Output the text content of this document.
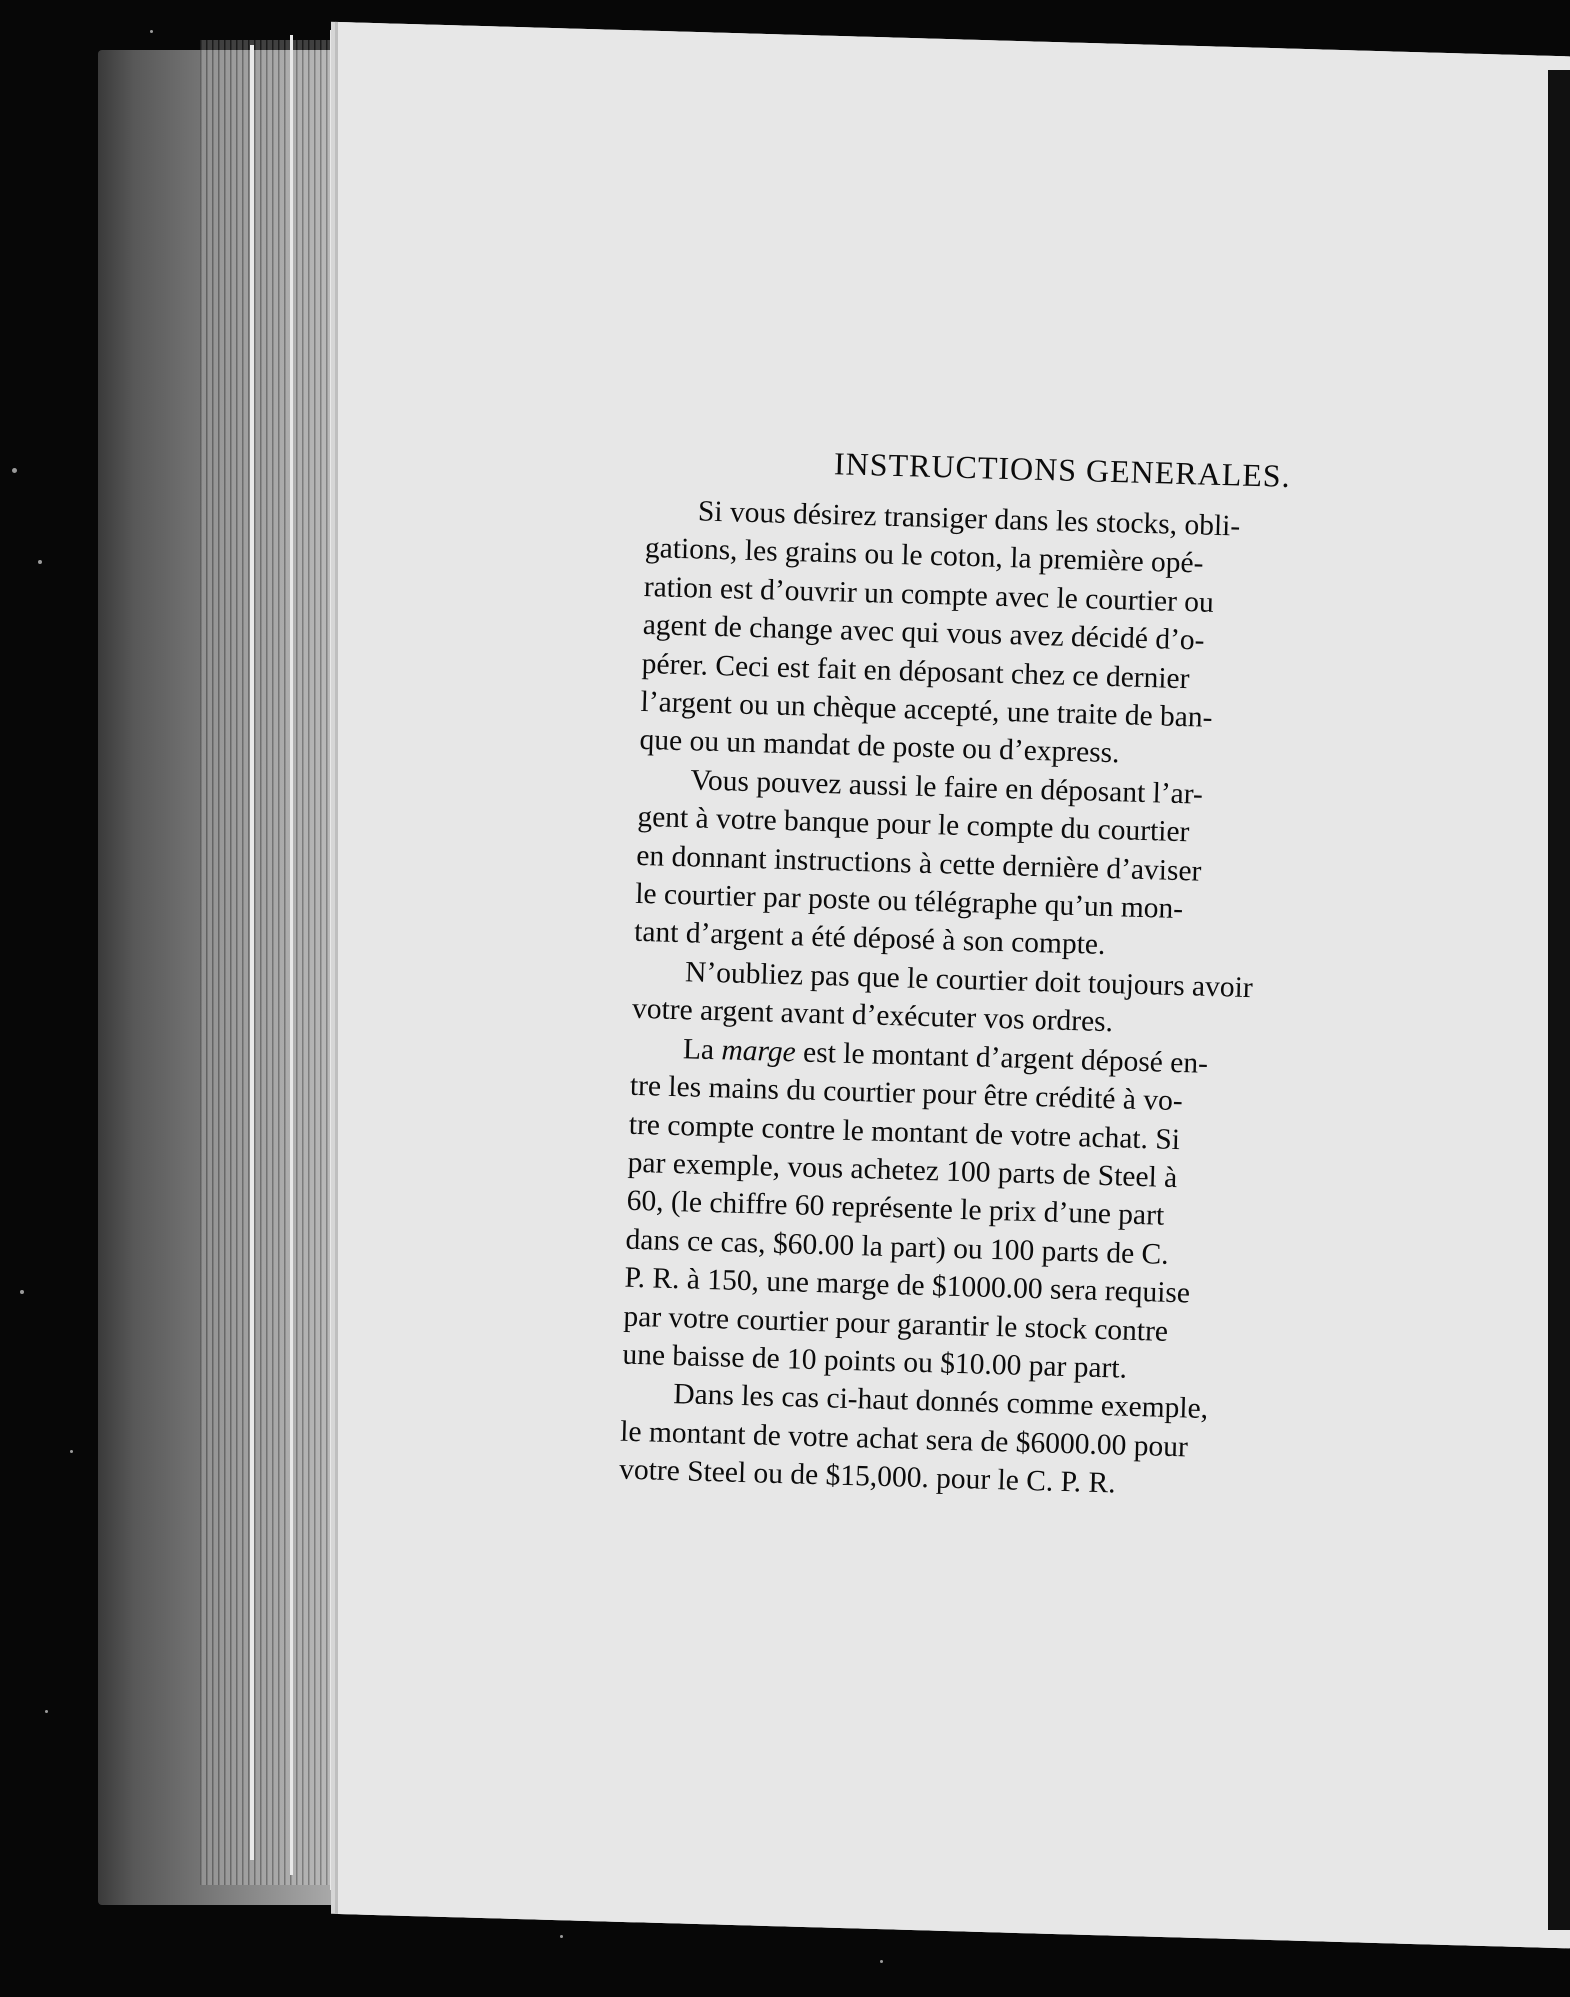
INSTRUCTIONS GENERALES.
Si vous désirez transiger dans les stocks, obli-
gations, les grains ou le coton, la première opé-
ration est d’ouvrir un compte avec le courtier ou
agent de change avec qui vous avez décidé d’o-
pérer. Ceci est fait en déposant chez ce dernier
l’argent ou un chèque accepté, une traite de ban-
que ou un mandat de poste ou d’express.
Vous pouvez aussi le faire en déposant l’ar-
gent à votre banque pour le compte du courtier
en donnant instructions à cette dernière d’aviser
le courtier par poste ou télégraphe qu’un mon-
tant d’argent a été déposé à son compte.
N’oubliez pas que le courtier doit toujours avoir
votre argent avant d’exécuter vos ordres.
La marge est le montant d’argent déposé en-
tre les mains du courtier pour être crédité à vo-
tre compte contre le montant de votre achat. Si
par exemple, vous achetez 100 parts de Steel à
60, (le chiffre 60 représente le prix d’une part
dans ce cas, $60.00 la part) ou 100 parts de C.
P. R. à 150, une marge de $1000.00 sera requise
par votre courtier pour garantir le stock contre
une baisse de 10 points ou $10.00 par part.
Dans les cas ci-haut donnés comme exemple,
le montant de votre achat sera de $6000.00 pour
votre Steel ou de $15,000. pour le C. P. R.
